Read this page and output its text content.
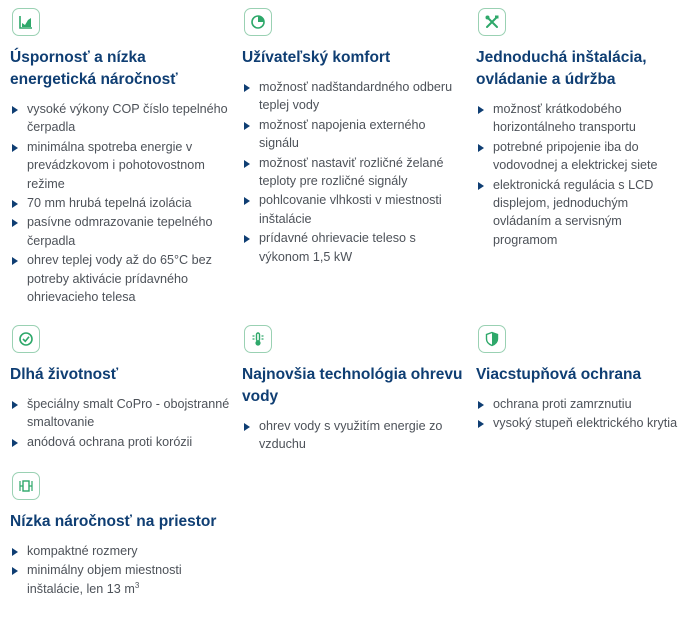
Úspornosť a nízka energetická náročnosť
vysoké výkony COP číslo tepelného čerpadla
minimálna spotreba energie v prevádzkovom i pohotovostnom režime
70 mm hrubá tepelná izolácia
pasívne odmrazovanie tepelného čerpadla
ohrev teplej vody až do 65°C bez potreby aktivácie prídavného ohrievacieho telesa
Užívateľský komfort
možnosť nadštandardného odberu teplej vody
možnosť napojenia externého signálu
možnosť nastaviť rozličné želané teploty pre rozličné signály
pohlcovanie vlhkosti v miestnosti inštalácie
prídavné ohrievacie teleso s výkonom 1,5 kW
Jednoduchá inštalácia, ovládanie a údržba
možnosť krátkodobého horizontálneho transportu
potrebné pripojenie iba do vodovodnej a elektrickej siete
elektronická regulácia s LCD displejom, jednoduchým ovládaním a servisným programom
Dlhá životnosť
špeciálny smalt CoPro - obojstranné smaltovanie
anódová ochrana proti korózii
Najnovšia technológia ohrevu vody
ohrev vody s využitím energie zo vzduchu
Viacstupňová ochrana
ochrana proti zamrznutiu
vysoký stupeň elektrického krytia
Nízka náročnosť na priestor
kompaktné rozmery
minimálny objem miestnosti inštalácie, len 13 $m^3$
